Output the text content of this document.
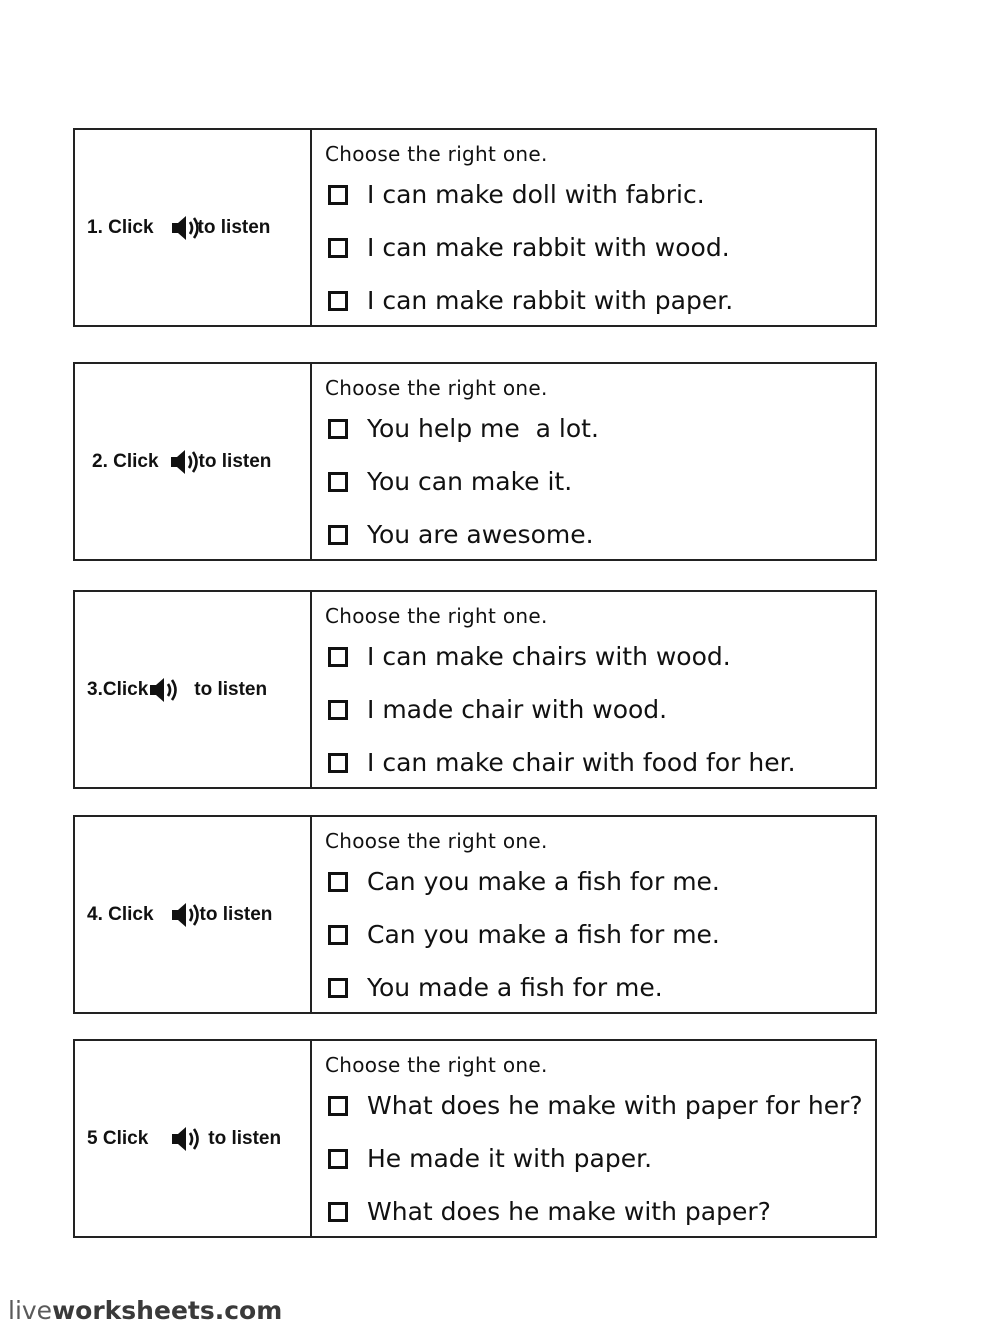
1. Click to listen
Choose the right one.
I can make doll with fabric.
I can make rabbit with wood.
I can make rabbit with paper.
2. Click to listen
Choose the right one.
You help me  a lot.
You can make it.
You are awesome.
3.Click to listen
Choose the right one.
I can make chairs with wood.
I made chair with wood.
I can make chair with food for her.
4. Click to listen
Choose the right one.
Can you make a fish for me.
Can you make a fish for me.
You made a fish for me.
5 Click	to listen
Choose the right one.
What does he make with paper for her?
He made it with paper.
What does he make with paper?
liveworksheets.com
